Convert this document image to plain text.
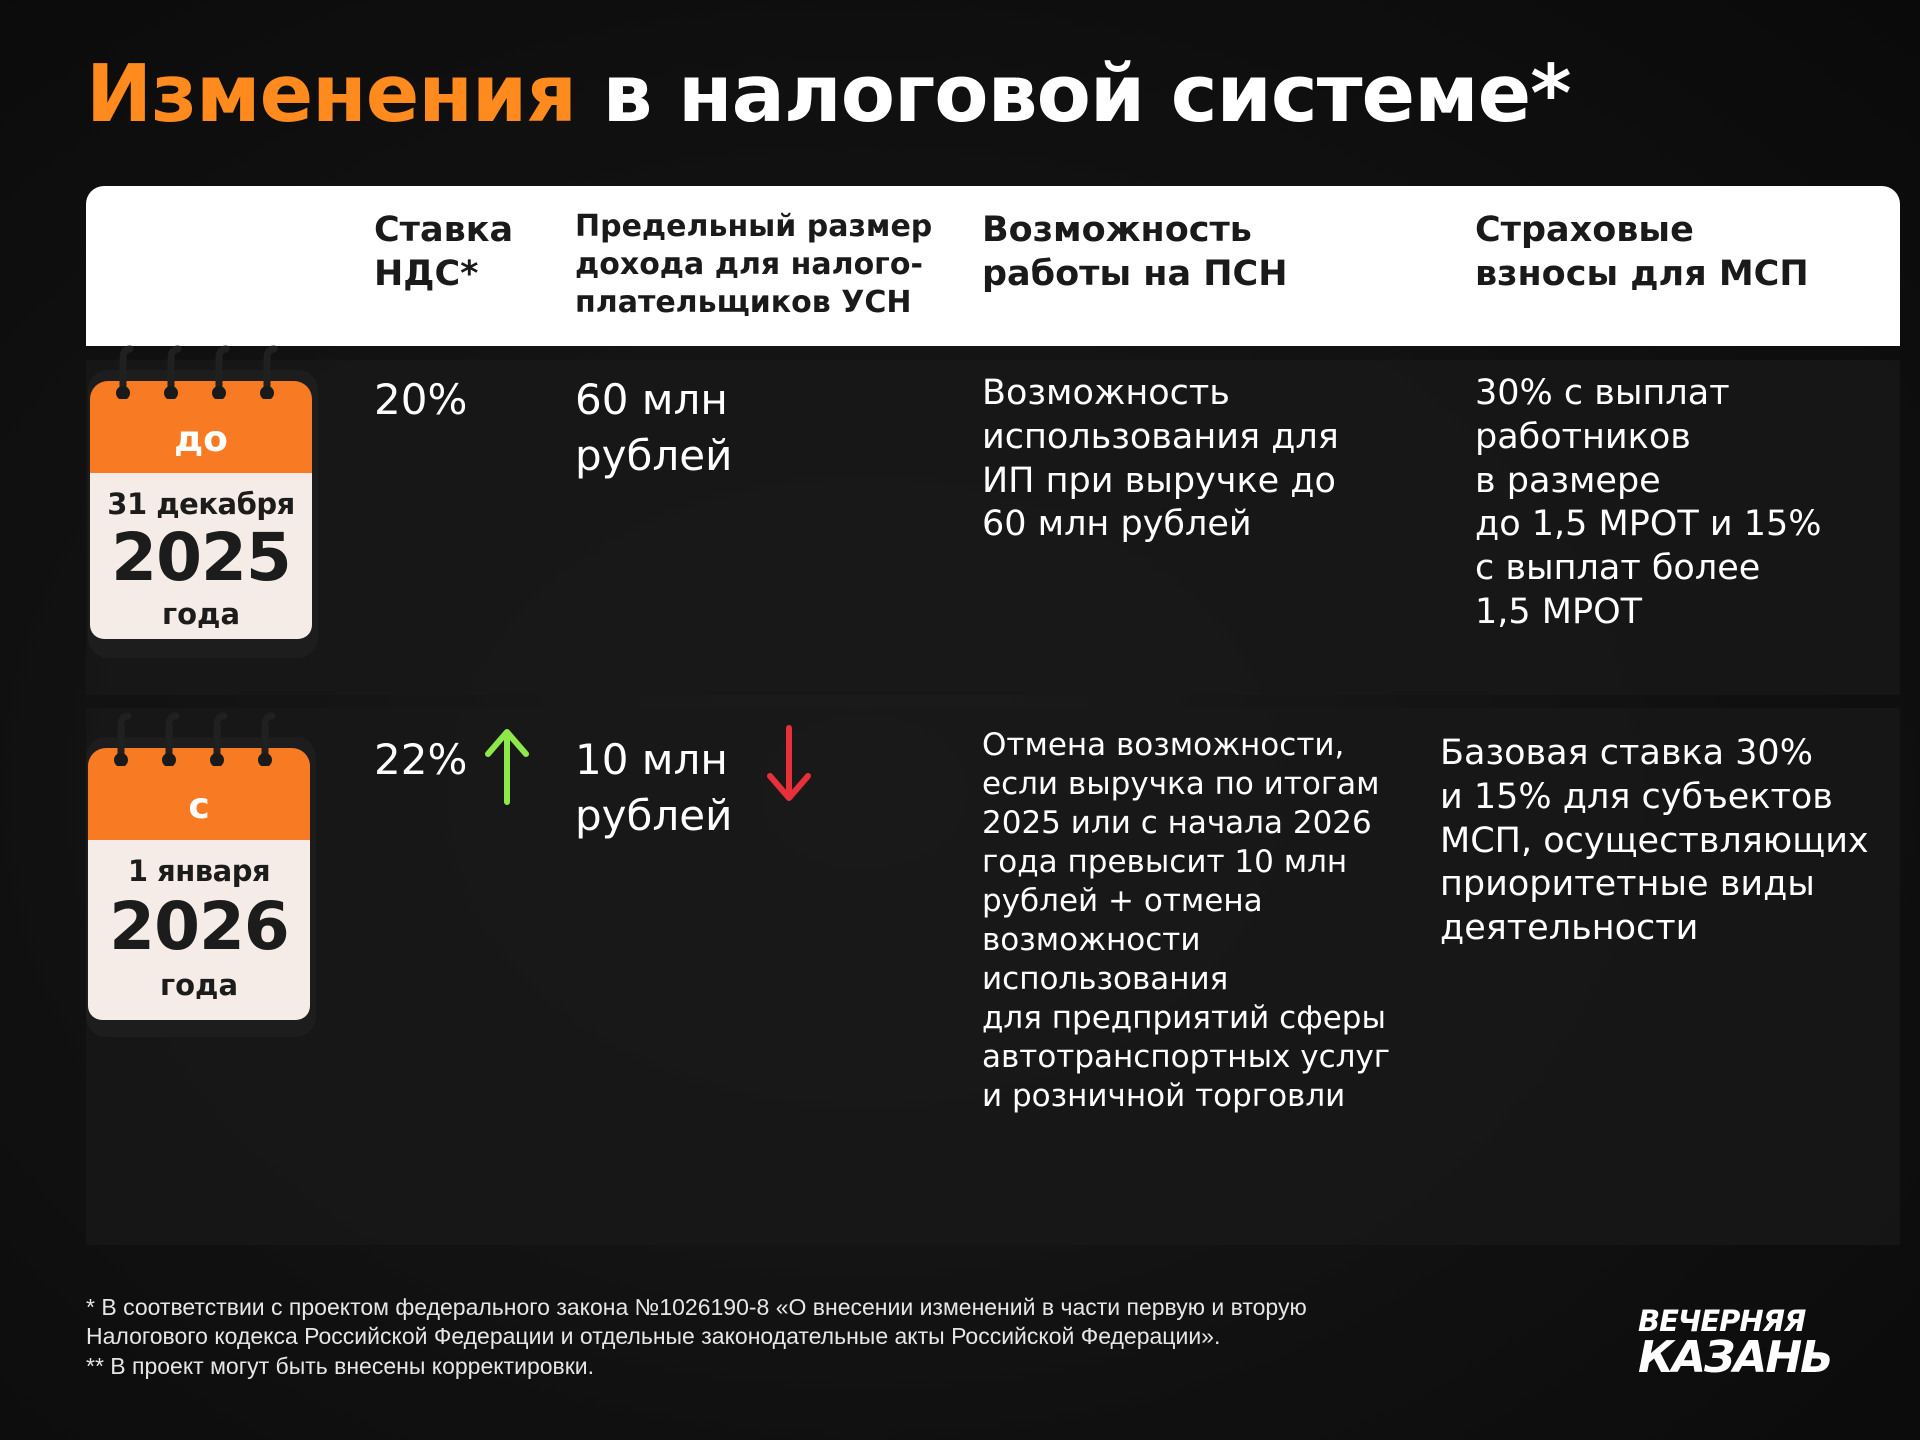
Изменения в налоговой системе*
Ставка
НДС*
Предельный размер
дохода для налого-
плательщиков УСН
Возможность
работы на ПСН
Страховые
взносы для МСП
20%	60 млн
рублей
Возможность
использования для
ИП при выручке до
60 млн рублей
30% с выплат
работников
в размере
до 1,5 МРОТ и 15%
с выплат более
1,5 МРОТ
22%	10 млн
рублей
Отмена возможности,
если выручка по итогам
2025 или с начала 2026
года превысит 10 млн
рублей + отмена
возможности
использования
для предприятий сферы
автотранспортных услуг
и розничной торговли
Базовая ставка 30%
и 15% для субъектов
МСП, осуществляющих
приоритетные виды
деятельности
до
31 декабря
2025
года
с
1 января
2026
года
* В соответствии с проектом федерального закона №1026190-8 «О внесении изменений в части первую и вторую
Налогового кодекса Российской Федерации и отдельные законодательные акты Российской Федерации».
** В проект могут быть внесены корректировки.
ВЕЧЕРНЯЯ
КАЗАНЬ
